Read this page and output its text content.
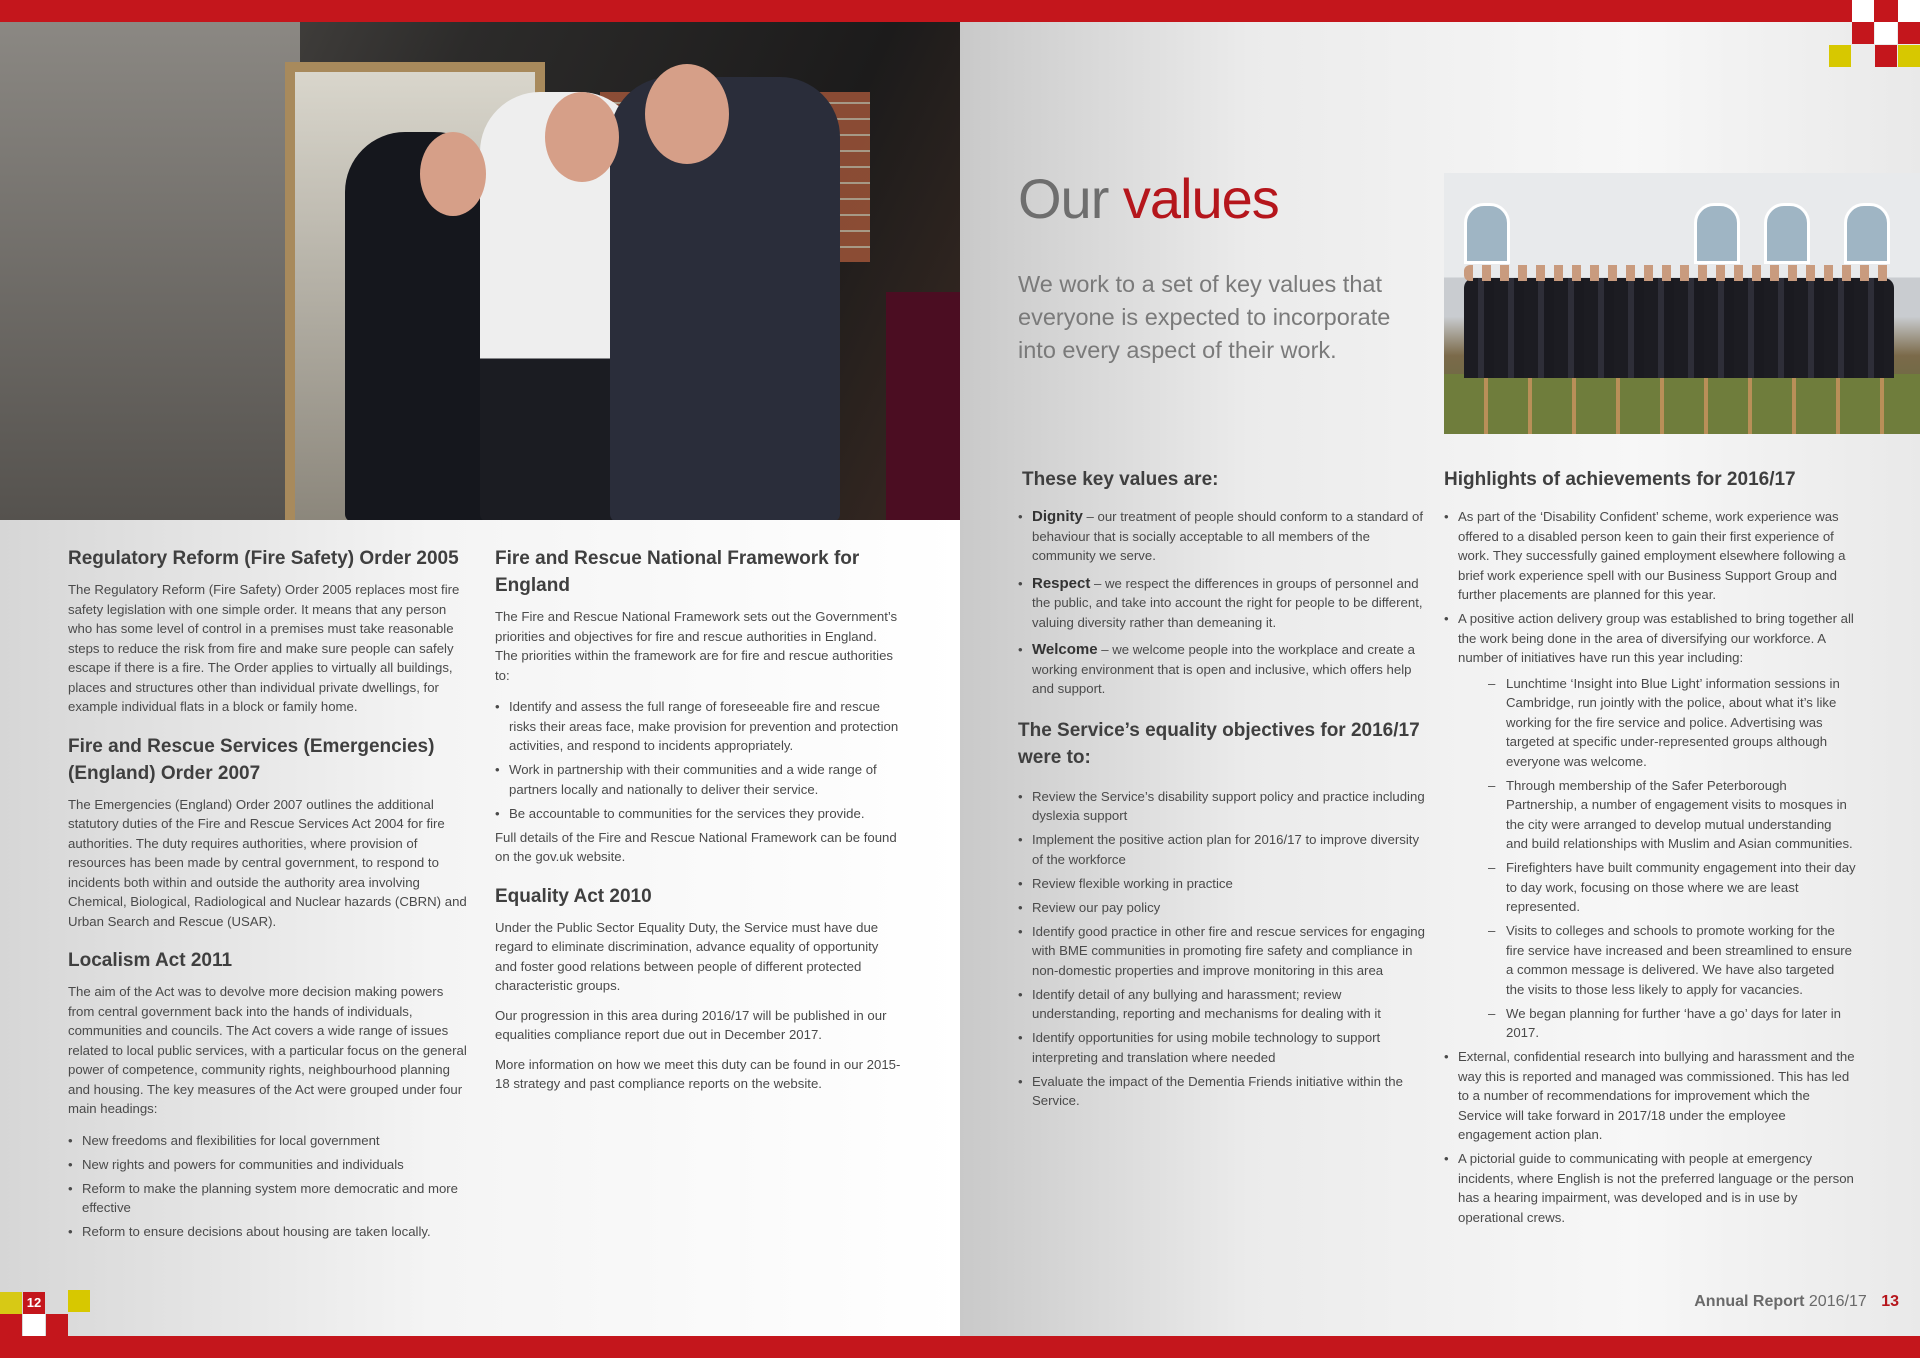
Regulatory Reform (Fire Safety) Order 2005

The Regulatory Reform (Fire Safety) Order 2005 replaces most fire safety legislation with one simple order. It means that any person who has some level of control in a premises must take reasonable steps to reduce the risk from fire and make sure people can safely escape if there is a fire. The Order applies to virtually all buildings, places and structures other than individual private dwellings, for example individual flats in a block or family home.

Fire and Rescue Services (Emergencies) (England) Order 2007

The Emergencies (England) Order 2007 outlines the additional statutory duties of the Fire and Rescue Services Act 2004 for fire authorities. The duty requires authorities, where provision of resources has been made by central government, to respond to incidents both within and outside the authority area involving Chemical, Biological, Radiological and Nuclear hazards (CBRN) and Urban Search and Rescue (USAR).

Localism Act 2011

The aim of the Act was to devolve more decision making powers from central government back into the hands of individuals, communities and councils. The Act covers a wide range of issues related to local public services, with a particular focus on the general power of competence, community rights, neighbourhood planning and housing. The key measures of the Act were grouped under four main headings:

• New freedoms and flexibilities for local government
• New rights and powers for communities and individuals
• Reform to make the planning system more democratic and more effective
• Reform to ensure decisions about housing are taken locally.
Fire and Rescue National Framework for England

The Fire and Rescue National Framework sets out the Government’s priorities and objectives for fire and rescue authorities in England. The priorities within the framework are for fire and rescue authorities to:

• Identify and assess the full range of foreseeable fire and rescue risks their areas face, make provision for prevention and protection activities, and respond to incidents appropriately.
• Work in partnership with their communities and a wide range of partners locally and nationally to deliver their service.
• Be accountable to communities for the services they provide.

Full details of the Fire and Rescue National Framework can be found on the gov.uk website.

Equality Act 2010

Under the Public Sector Equality Duty, the Service must have due regard to eliminate discrimination, advance equality of opportunity and foster good relations between people of different protected characteristic groups.

Our progression in this area during 2016/17 will be published in our equalities compliance report due out in December 2017.

More information on how we meet this duty can be found in our 2015-18 strategy and past compliance reports on the website.

12
Our values
We work to a set of key values that everyone is expected to incorporate into every aspect of their work.
These key values are:
• Dignity – our treatment of people should conform to a standard of behaviour that is socially acceptable to all members of the community we serve.
• Respect – we respect the differences in groups of personnel and the public, and take into account the right for people to be different, valuing diversity rather than demeaning it.
• Welcome – we welcome people into the workplace and create a working environment that is open and inclusive, which offers help and support.
The Service’s equality objectives for 2016/17 were to:
• Review the Service’s disability support policy and practice including dyslexia support
• Implement the positive action plan for 2016/17 to improve diversity of the workforce
• Review flexible working in practice
• Review our pay policy
• Identify good practice in other fire and rescue services for engaging with BME communities in promoting fire safety and compliance in non-domestic properties and improve monitoring in this area
• Identify detail of any bullying and harassment; review understanding, reporting and mechanisms for dealing with it
• Identify opportunities for using mobile technology to support interpreting and translation where needed
• Evaluate the impact of the Dementia Friends initiative within the Service.
Highlights of achievements for 2016/17
• As part of the ‘Disability Confident’ scheme, work experience was offered to a disabled person keen to gain their first experience of work. They successfully gained employment elsewhere following a brief work experience spell with our Business Support Group and further placements are planned for this year.
• A positive action delivery group was established to bring together all the work being done in the area of diversifying our workforce. A number of initiatives have run this year including:
– Lunchtime ‘Insight into Blue Light’ information sessions in Cambridge, run jointly with the police, about what it’s like working for the fire service and police. Advertising was targeted at specific under-represented groups although everyone was welcome.
– Through membership of the Safer Peterborough Partnership, a number of engagement visits to mosques in the city were arranged to develop mutual understanding and build relationships with Muslim and Asian communities.
– Firefighters have built community engagement into their day to day work, focusing on those where we are least represented.
– Visits to colleges and schools to promote working for the fire service have increased and been streamlined to ensure a common message is delivered. We have also targeted the visits to those less likely to apply for vacancies.
– We began planning for further ‘have a go’ days for later in 2017.
• External, confidential research into bullying and harassment and the way this is reported and managed was commissioned. This has led to a number of recommendations for improvement which the Service will take forward in 2017/18 under the employee engagement action plan.
• A pictorial guide to communicating with people at emergency incidents, where English is not the preferred language or the person has a hearing impairment, was developed and is in use by operational crews.
Annual Report 2016/17 13
